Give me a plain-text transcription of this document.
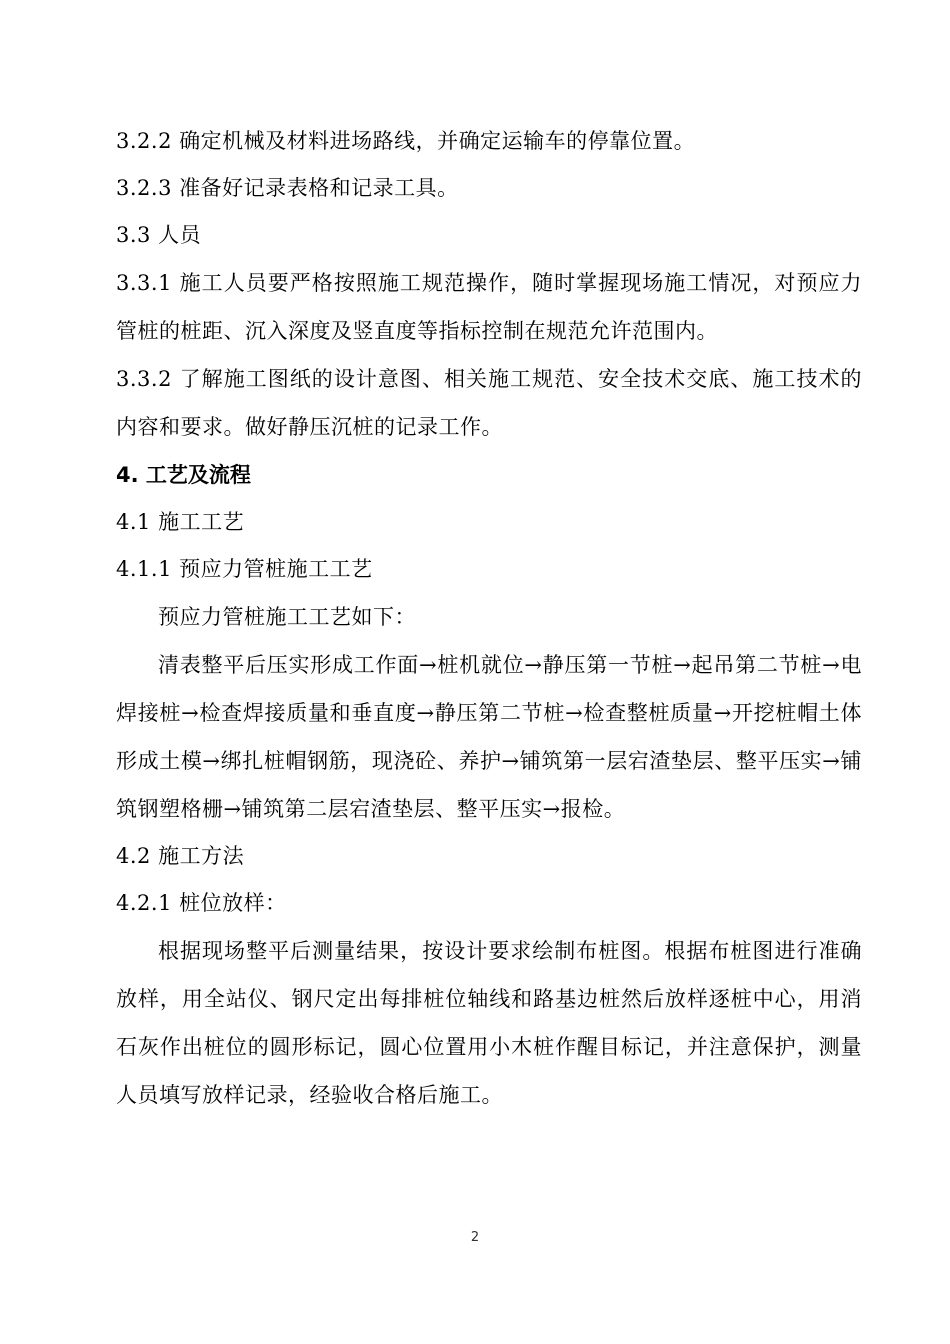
3.2.2 确定机械及材料进场路线，并确定运输车的停靠位置。
3.2.3 准备好记录表格和记录工具。
3.3 人员
3.3.1 施工人员要严格按照施工规范操作，随时掌握现场施工情况，对预应力管桩的桩距、沉入深度及竖直度等指标控制在规范允许范围内。
3.3.2 了解施工图纸的设计意图、相关施工规范、安全技术交底、施工技术的内容和要求。做好静压沉桩的记录工作。
4. 工艺及流程
4.1 施工工艺
4.1.1 预应力管桩施工工艺
预应力管桩施工工艺如下：
清表整平后压实形成工作面→桩机就位→静压第一节桩→起吊第二节桩→电焊接桩→检查焊接质量和垂直度→静压第二节桩→检查整桩质量→开挖桩帽土体形成土模→绑扎桩帽钢筋，现浇砼、养护→铺筑第一层宕渣垫层、整平压实→铺筑钢塑格栅→铺筑第二层宕渣垫层、整平压实→报检。
4.2 施工方法
4.2.1 桩位放样：
根据现场整平后测量结果，按设计要求绘制布桩图。根据布桩图进行准确放样，用全站仪、钢尺定出每排桩位轴线和路基边桩然后放样逐桩中心，用消石灰作出桩位的圆形标记，圆心位置用小木桩作醒目标记，并注意保护，测量人员填写放样记录，经验收合格后施工。
2
